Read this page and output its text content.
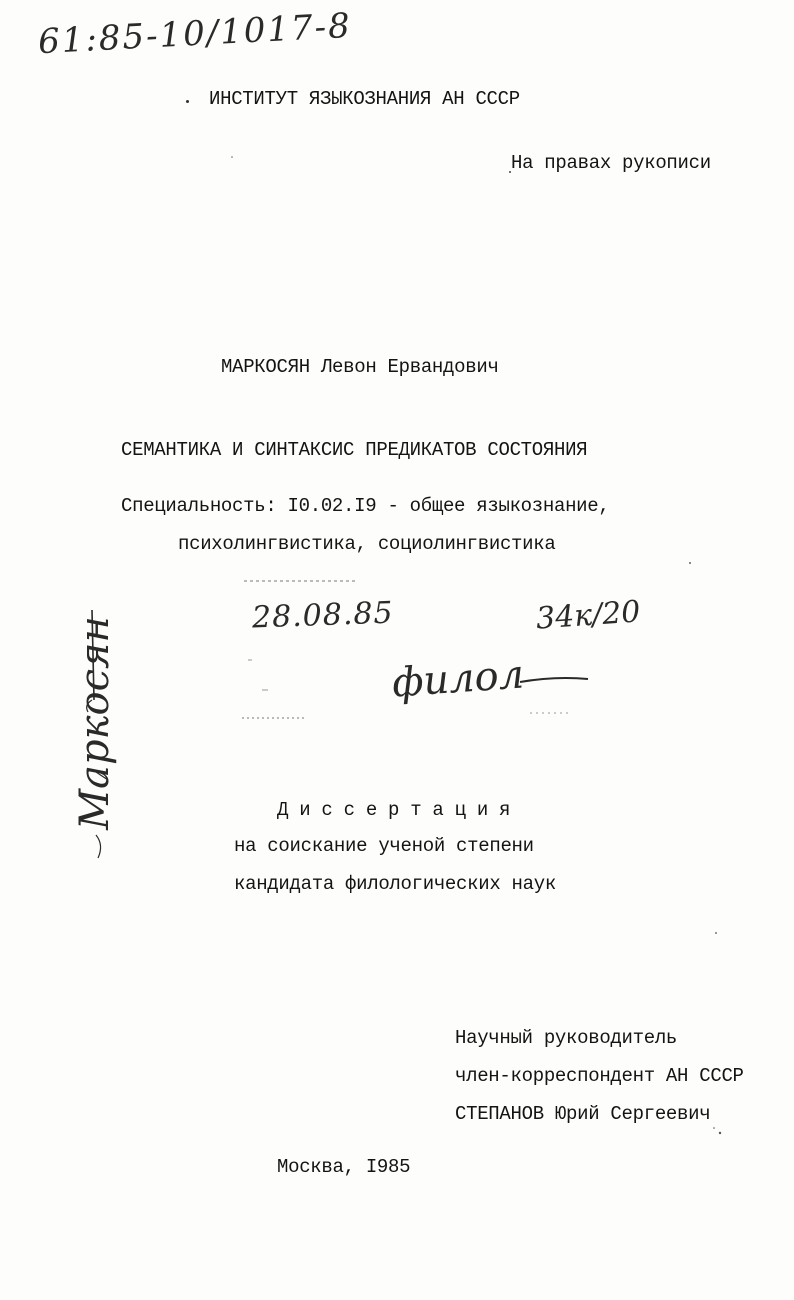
61:85-10/1017-8
ИНСТИТУТ ЯЗЫКОЗНАНИЯ АН СССР
На правах рукописи
МАРКОСЯН Левон Ервандович
СЕМАНТИКА И СИНТАКСИС ПРЕДИКАТОВ СОСТОЯНИЯ
Специальность: I0.02.I9 - общее языкознание,
психолингвистика, социолингвистика
28.08.85	34к/20
филол
Маркосян	Д и с с е р т а ц и я
на соискание ученой степени
кандидата филологических наук
Научный руководитель
член-корреспондент АН СССР
СТЕПАНОВ Юрий Сергеевич
Москва, I985
